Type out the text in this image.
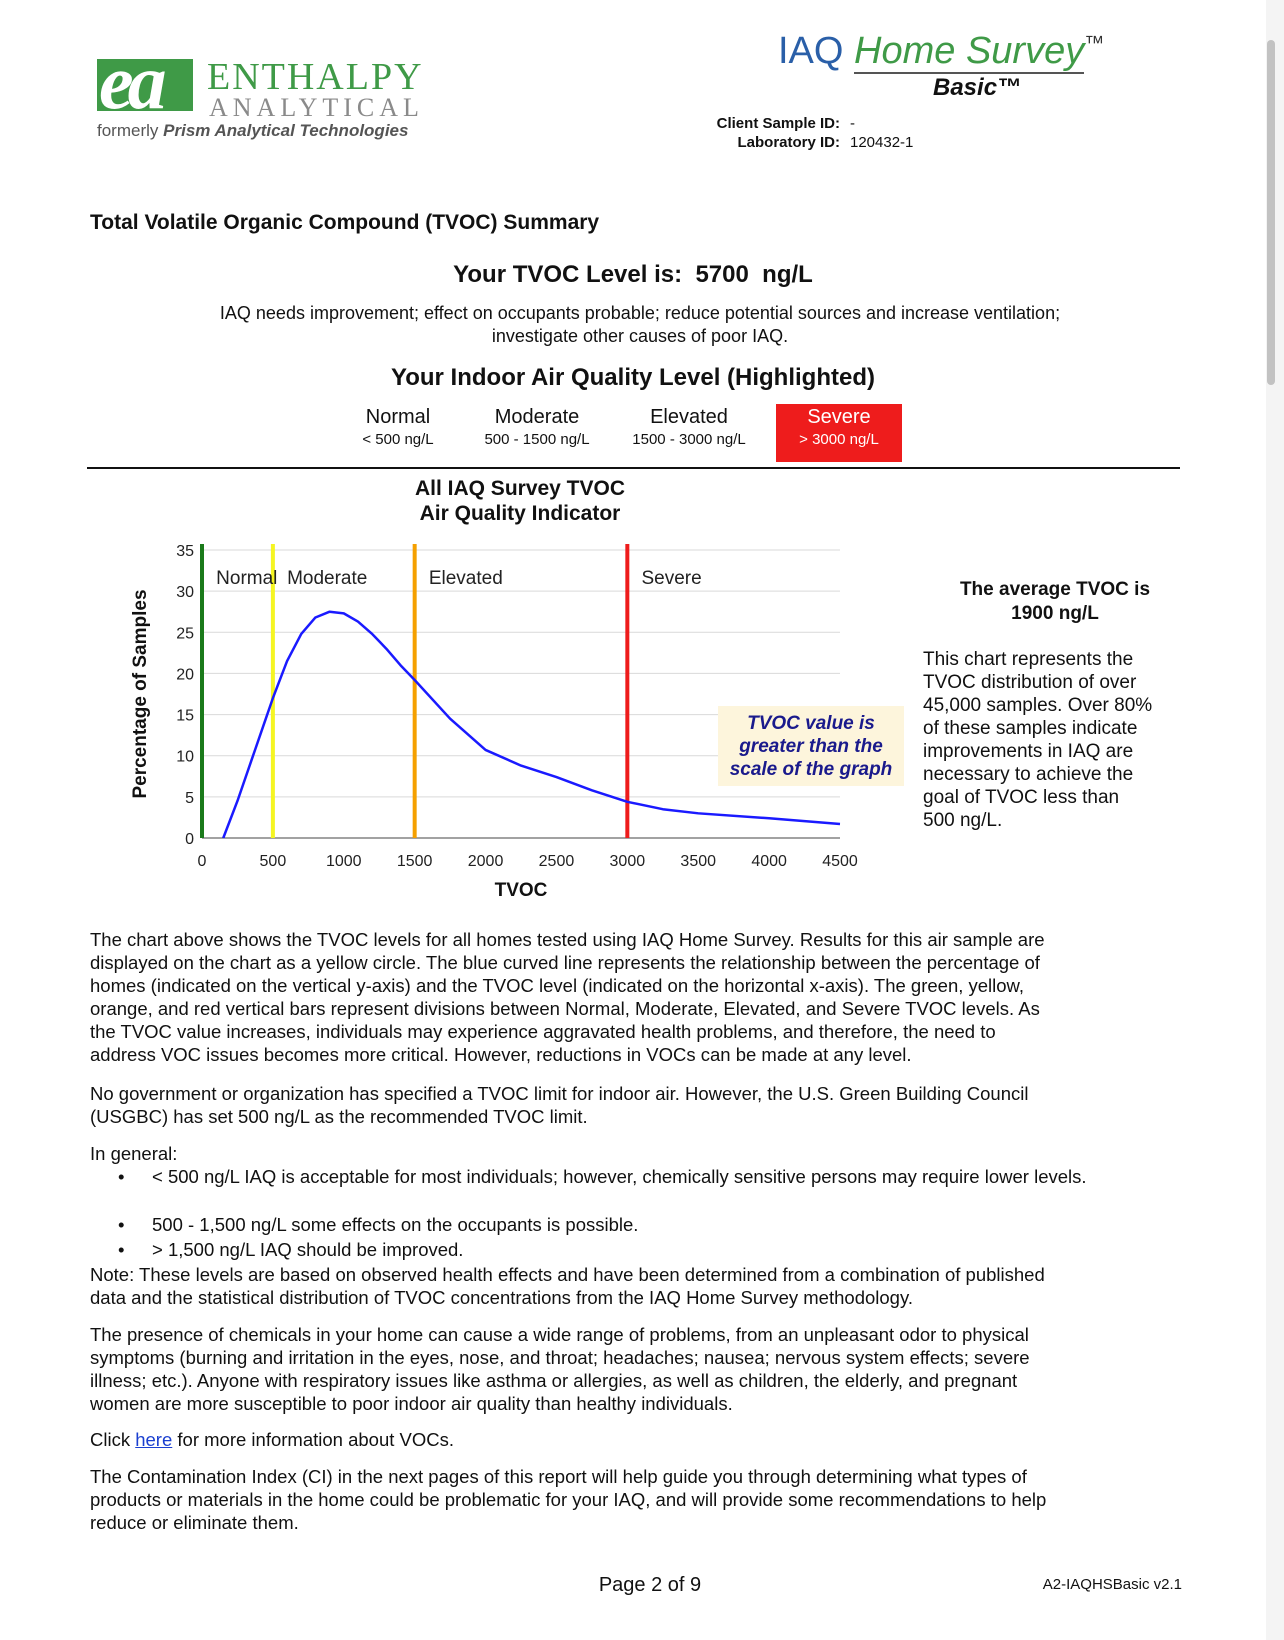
ea ENTHALPY
ANALYTICAL
formerly Prism Analytical Technologies
IAQ Home Survey™
Basic™
Client Sample ID: -
Laboratory ID: 120432-1
Total Volatile Organic Compound (TVOC) Summary
Your TVOC Level is: 5700 ng/L
IAQ needs improvement; effect on occupants probable; reduce potential sources and increase ventilation;
investigate other causes of poor IAQ.
Your Indoor Air Quality Level (Highlighted)
Normal
< 500 ng/L
Moderate
500 - 1500 ng/L
Elevated
1500 - 3000 ng/L
Severe
> 3000 ng/L
All IAQ Survey TVOC
Air Quality Indicator
0
5
10
15
20
25
30
35
0	500 1000 1500 2000 2500 3000 3500 4000 4500
Normal Moderate	Elevated	Severe
TVOC value is
greater than the
scale of the graph
TVOC
Percentage of Samples	The average TVOC is
1900 ng/L
This chart represents the
TVOC distribution of over
45,000 samples. Over 80%
of these samples indicate
improvements in IAQ are
necessary to achieve the
goal of TVOC less than
500 ng/L.
The chart above shows the TVOC levels for all homes tested using IAQ Home Survey. Results for this air sample are
displayed on the chart as a yellow circle. The blue curved line represents the relationship between the percentage of
homes (indicated on the vertical y-axis) and the TVOC level (indicated on the horizontal x-axis). The green, yellow,
orange, and red vertical bars represent divisions between Normal, Moderate, Elevated, and Severe TVOC levels. As
the TVOC value increases, individuals may experience aggravated health problems, and therefore, the need to
address VOC issues becomes more critical. However, reductions in VOCs can be made at any level.
No government or organization has specified a TVOC limit for indoor air. However, the U.S. Green Building Council
(USGBC) has set 500 ng/L as the recommended TVOC limit.
In general:
• < 500 ng/L IAQ is acceptable for most individuals; however, chemically sensitive persons may require lower levels.
• 500 - 1,500 ng/L some effects on the occupants is possible.
• > 1,500 ng/L IAQ should be improved.
Note: These levels are based on observed health effects and have been determined from a combination of published
data and the statistical distribution of TVOC concentrations from the IAQ Home Survey methodology.
The presence of chemicals in your home can cause a wide range of problems, from an unpleasant odor to physical
symptoms (burning and irritation in the eyes, nose, and throat; headaches; nausea; nervous system effects; severe
illness; etc.). Anyone with respiratory issues like asthma or allergies, as well as children, the elderly, and pregnant
women are more susceptible to poor indoor air quality than healthy individuals.
Click here for more information about VOCs.
The Contamination Index (CI) in the next pages of this report will help guide you through determining what types of
products or materials in the home could be problematic for your IAQ, and will provide some recommendations to help
reduce or eliminate them.
Page 2 of 9	A2-IAQHSBasic v2.1
